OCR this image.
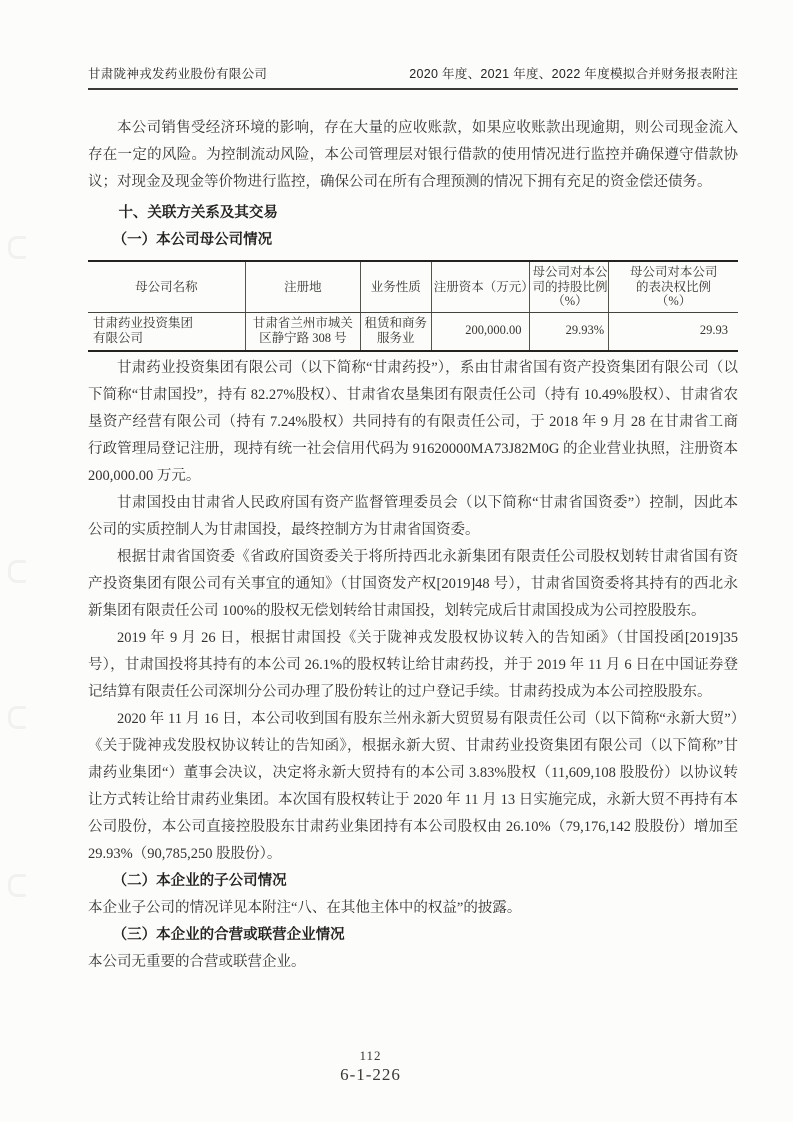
甘肃陇神戎发药业股份有限公司	2020 年度、2021 年度、2022 年度模拟合并财务报表附注

本公司销售受经济环境的影响，存在大量的应收账款，如果应收账款出现逾期，则公司现金流入存在一定的风险。为控制流动风险，本公司管理层对银行借款的使用情况进行监控并确保遵守借款协议；对现金及现金等价物进行监控，确保公司在所有合理预测的情况下拥有充足的资金偿还债务。

十、关联方关系及其交易

（一）本公司母公司情况

母公司名称	注册地	业务性质	注册资本（万元）	母公司对本公司的持股比例（%）	母公司对本公司的表决权比例（%）
甘肃药业投资集团有限公司	甘肃省兰州市城关区静宁路 308 号	租赁和商务服务业	200,000.00	29.93%	29.93

甘肃药业投资集团有限公司（以下简称“甘肃药投”），系由甘肃省国有资产投资集团有限公司（以下简称“甘肃国投”，持有 82.27%股权）、甘肃省农垦集团有限责任公司（持有 10.49%股权）、甘肃省农垦资产经营有限公司（持有 7.24%股权）共同持有的有限责任公司，于 2018 年 9 月 28 在甘肃省工商行政管理局登记注册，现持有统一社会信用代码为 91620000MA73J82M0G 的企业营业执照，注册资本 200,000.00 万元。

甘肃国投由甘肃省人民政府国有资产监督管理委员会（以下简称“甘肃省国资委”）控制，因此本公司的实质控制人为甘肃国投，最终控制方为甘肃省国资委。

根据甘肃省国资委《省政府国资委关于将所持西北永新集团有限责任公司股权划转甘肃省国有资产投资集团有限公司有关事宜的通知》（甘国资发产权[2019]48 号），甘肃省国资委将其持有的西北永新集团有限责任公司 100%的股权无偿划转给甘肃国投，划转完成后甘肃国投成为公司控股股东。

2019 年 9 月 26 日，根据甘肃国投《关于陇神戎发股权协议转入的告知函》（甘国投函[2019]35 号），甘肃国投将其持有的本公司 26.1%的股权转让给甘肃药投，并于 2019 年 11 月 6 日在中国证券登记结算有限责任公司深圳分公司办理了股份转让的过户登记手续。甘肃药投成为本公司控股股东。

2020 年 11 月 16 日，本公司收到国有股东兰州永新大贸贸易有限责任公司（以下简称“永新大贸”）《关于陇神戎发股权协议转让的告知函》，根据永新大贸、甘肃药业投资集团有限公司（以下简称”甘肃药业集团“）董事会决议，决定将永新大贸持有的本公司 3.83%股权（11,609,108 股股份）以协议转让方式转让给甘肃药业集团。本次国有股权转让于 2020 年 11 月 13 日实施完成，永新大贸不再持有本公司股份，本公司直接控股股东甘肃药业集团持有本公司股权由 26.10%（79,176,142 股股份）增加至 29.93%（90,785,250 股股份）。

（二）本企业的子公司情况

本企业子公司的情况详见本附注“八、在其他主体中的权益”的披露。

（三）本企业的合营或联营企业情况

本公司无重要的合营或联营企业。

112
6-1-226
